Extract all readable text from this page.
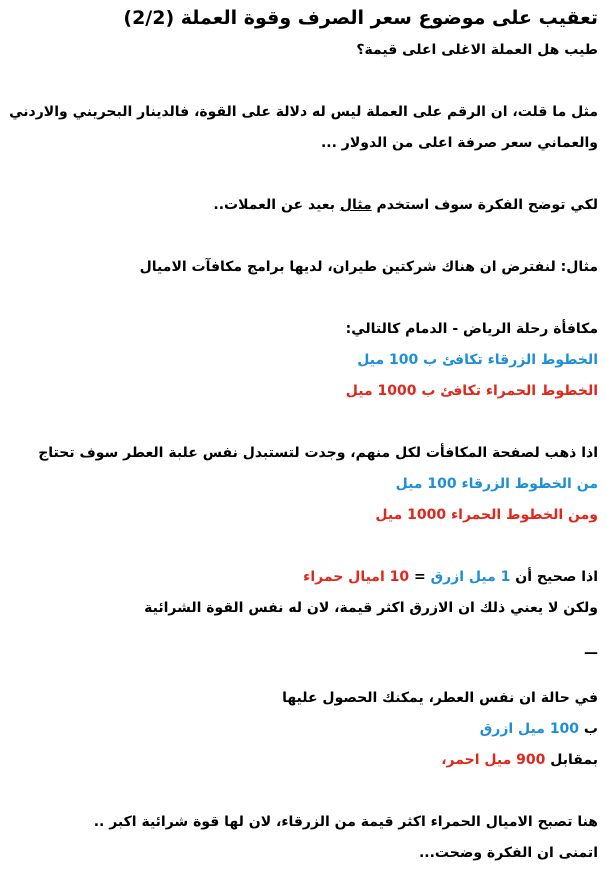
تعقيب على موضوع سعر الصرف وقوة العملة (2/2)

طيب هل العملة الاغلى اعلى قيمة؟

مثل ما قلت، ان الرقم على العملة ليس له دلالة على القوة، فالدينار البحريني والاردني

والعماني سعر صرفة اعلى من الدولار ...

لكي توضح الفكرة سوف استخدم مثال بعيد عن العملات..

مثال: لنفترض ان هناك شركتين طيران، لديها برامج مكافآت الاميال

مكافأة رحلة الرياض - الدمام كالتالي:

الخطوط الزرقاء تكافئ ب 100 ميل

الخطوط الحمراء تكافئ ب 1000 ميل

اذا ذهب لصفحة المكافأت لكل منهم، وجدت لتستبدل نفس علبة العطر سوف تحتاج

من الخطوط الزرقاء 100 ميل

ومن الخطوط الحمراء 1000 ميل

اذا صحيح أن 1 ميل ازرق = 10 اميال حمراء

ولكن لا يعني ذلك ان الازرق اكثر قيمة، لان له نفس القوة الشرائية

—

في حالة ان نفس العطر، يمكنك الحصول عليها

ب 100 ميل ازرق

بمقابل 900 ميل احمر،

هنا تصبح الاميال الحمراء اكثر قيمة من الزرقاء، لان لها قوة شرائية اكبر ..

اتمنى ان الفكرة وضحت...
